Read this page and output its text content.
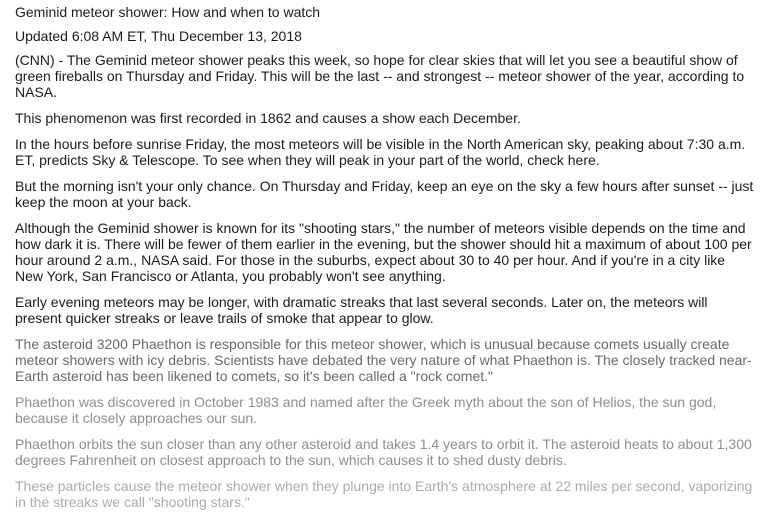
Geminid meteor shower: How and when to watch
Updated 6:08 AM ET, Thu December 13, 2018

(CNN) - The Geminid meteor shower peaks this week, so hope for clear skies that will let you see a beautiful show of green fireballs on Thursday and Friday. This will be the last -- and strongest -- meteor shower of the year, according to NASA.

This phenomenon was first recorded in 1862 and causes a show each December.

In the hours before sunrise Friday, the most meteors will be visible in the North American sky, peaking about 7:30 a.m. ET, predicts Sky & Telescope. To see when they will peak in your part of the world, check here.

But the morning isn't your only chance. On Thursday and Friday, keep an eye on the sky a few hours after sunset -- just keep the moon at your back.

Although the Geminid shower is known for its "shooting stars," the number of meteors visible depends on the time and how dark it is. There will be fewer of them earlier in the evening, but the shower should hit a maximum of about 100 per hour around 2 a.m., NASA said. For those in the suburbs, expect about 30 to 40 per hour. And if you're in a city like New York, San Francisco or Atlanta, you probably won't see anything.

Early evening meteors may be longer, with dramatic streaks that last several seconds. Later on, the meteors will present quicker streaks or leave trails of smoke that appear to glow.

The asteroid 3200 Phaethon is responsible for this meteor shower, which is unusual because comets usually create meteor showers with icy debris. Scientists have debated the very nature of what Phaethon is. The closely tracked near-Earth asteroid has been likened to comets, so it's been called a "rock comet."

Phaethon was discovered in October 1983 and named after the Greek myth about the son of Helios, the sun god, because it closely approaches our sun.

Phaethon orbits the sun closer than any other asteroid and takes 1.4 years to orbit it. The asteroid heats to about 1,300 degrees Fahrenheit on closest approach to the sun, which causes it to shed dusty debris.

These particles cause the meteor shower when they plunge into Earth's atmosphere at 22 miles per second, vaporizing in the streaks we call "shooting stars."
